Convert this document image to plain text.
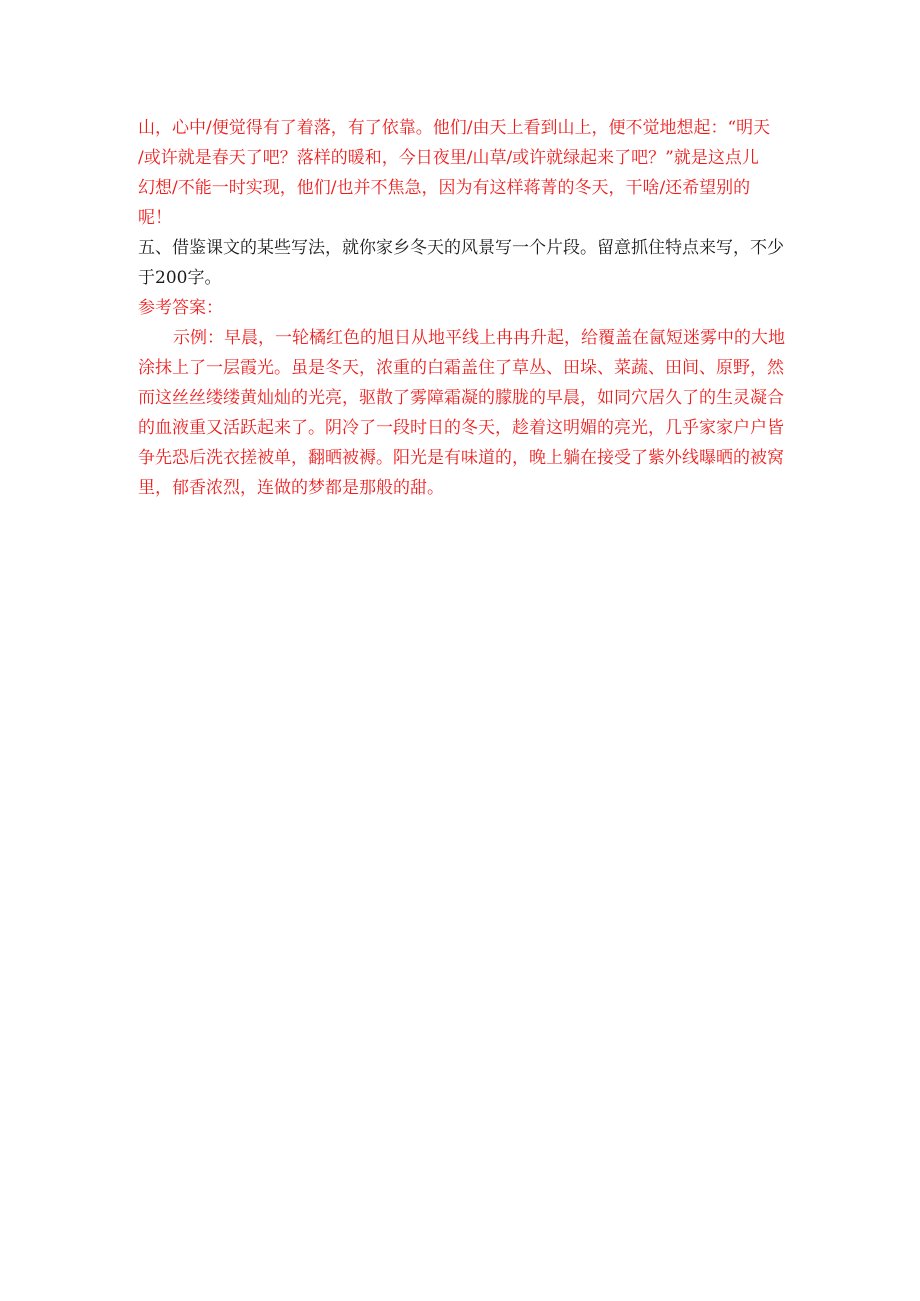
山，心中/便觉得有了着落，有了依靠。他们/由天上看到山上，便不觉地想起：“明天
/或许就是春天了吧？落样的暖和，今日夜里/山草/或许就绿起来了吧？”就是这点儿
幻想/不能一时实现，他们/也并不焦急，因为有这样蒋菁的冬天，干啥/还希望别的
呢！
五、借鉴课文的某些写法，就你家乡冬天的风景写一个片段。留意抓住特点来写，不少
于200字。
参考答案：
示例：早晨，一轮橘红色的旭日从地平线上冉冉升起，给覆盖在氤短迷雾中的大地
涂抹上了一层霞光。虽是冬天，浓重的白霜盖住了草丛、田垛、菜蔬、田间、原野，然
而这丝丝缕缕黄灿灿的光亮，驱散了雾障霜凝的朦胧的早晨，如同穴居久了的生灵凝合
的血液重又活跃起来了。阴冷了一段时日的冬天，趁着这明媚的亮光，几乎家家户户皆
争先恐后洗衣搓被单，翻晒被褥。阳光是有味道的，晚上躺在接受了紫外线曝晒的被窝
里，郁香浓烈，连做的梦都是那般的甜。
